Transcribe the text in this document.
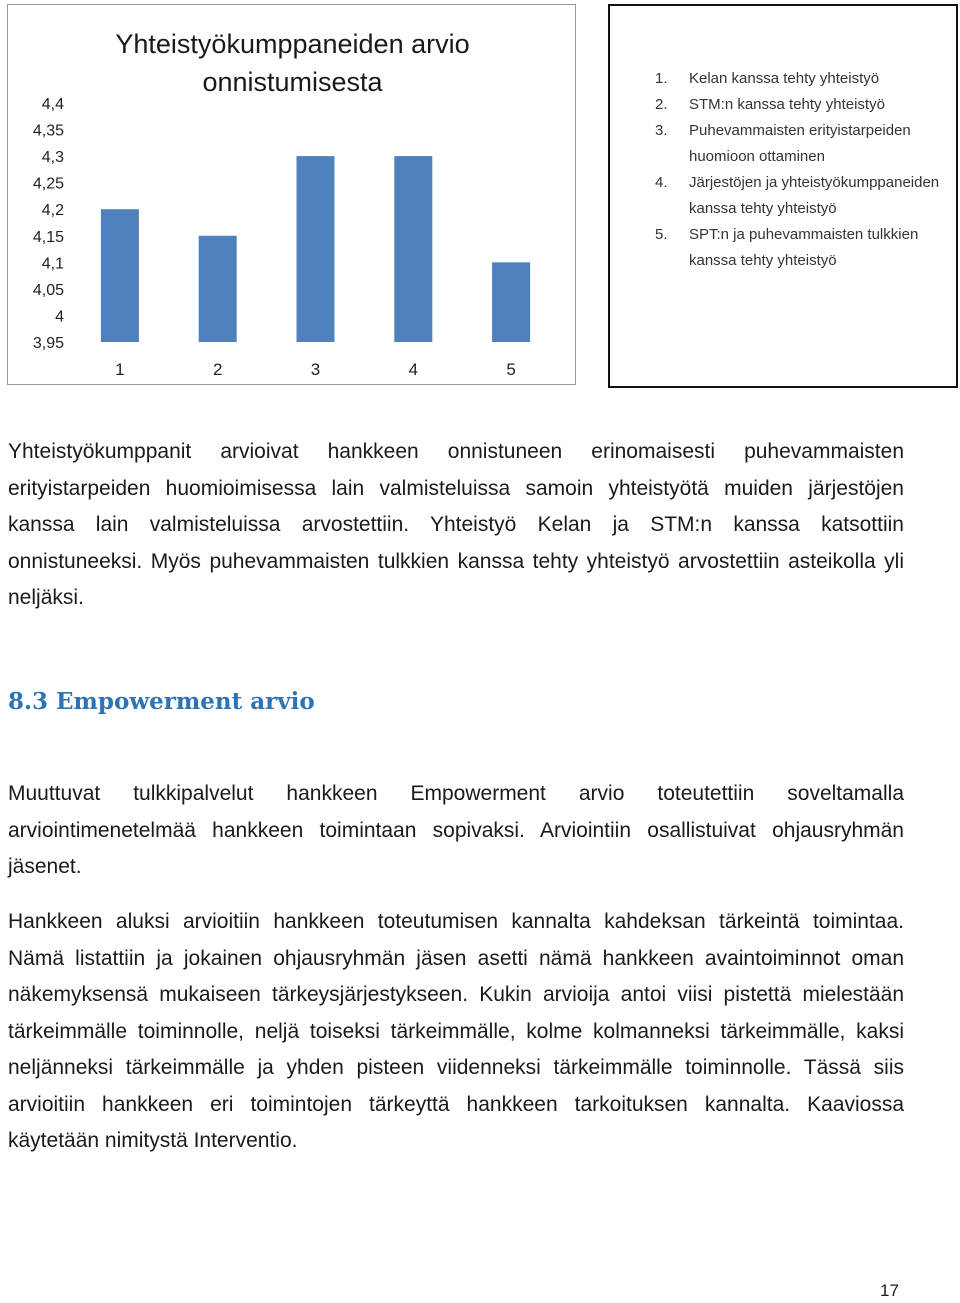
Yhteistyökumppaneiden arvio
onnistumisesta
4,4
4,35
4,3
4,25
4,2
4,15
4,1
4,05
4
3,95
1	2	3	4	5
1. Kelan kanssa tehty yhteistyö
2. STM:n kanssa tehty yhteistyö
3. Puhevammaisten erityistarpeiden huomioon ottaminen
4. Järjestöjen ja yhteistyökumppaneiden kanssa tehty yhteistyö
5. SPT:n ja puhevammaisten tulkkien kanssa tehty yhteistyö

Yhteistyökumppanit arvioivat hankkeen onnistuneen erinomaisesti puhevammaisten erityistarpeiden huomioimisessa lain valmisteluissa samoin yhteistyötä muiden järjestöjen kanssa lain valmisteluissa arvostettiin. Yhteistyö Kelan ja STM:n kanssa katsottiin onnistuneeksi. Myös puhevammaisten tulkkien kanssa tehty yhteistyö arvostettiin asteikolla yli neljäksi.

8.3 Empowerment arvio

Muuttuvat tulkkipalvelut hankkeen Empowerment arvio toteutettiin soveltamalla arviointimenetelmää hankkeen toimintaan sopivaksi. Arviointiin osallistuivat ohjausryhmän jäsenet.

Hankkeen aluksi arvioitiin hankkeen toteutumisen kannalta kahdeksan tärkeintä toimintaa. Nämä listattiin ja jokainen ohjausryhmän jäsen asetti nämä hankkeen avaintoiminnot oman näkemyksensä mukaiseen tärkeysjärjestykseen. Kukin arvioija antoi viisi pistettä mielestään tärkeimmälle toiminnolle, neljä toiseksi tärkeimmälle, kolme kolmanneksi tärkeimmälle, kaksi neljänneksi tärkeimmälle ja yhden pisteen viidenneksi tärkeimmälle toiminnolle. Tässä siis arvioitiin hankkeen eri toimintojen tärkeyttä hankkeen tarkoituksen kannalta. Kaaviossa käytetään nimitystä Interventio.

17
